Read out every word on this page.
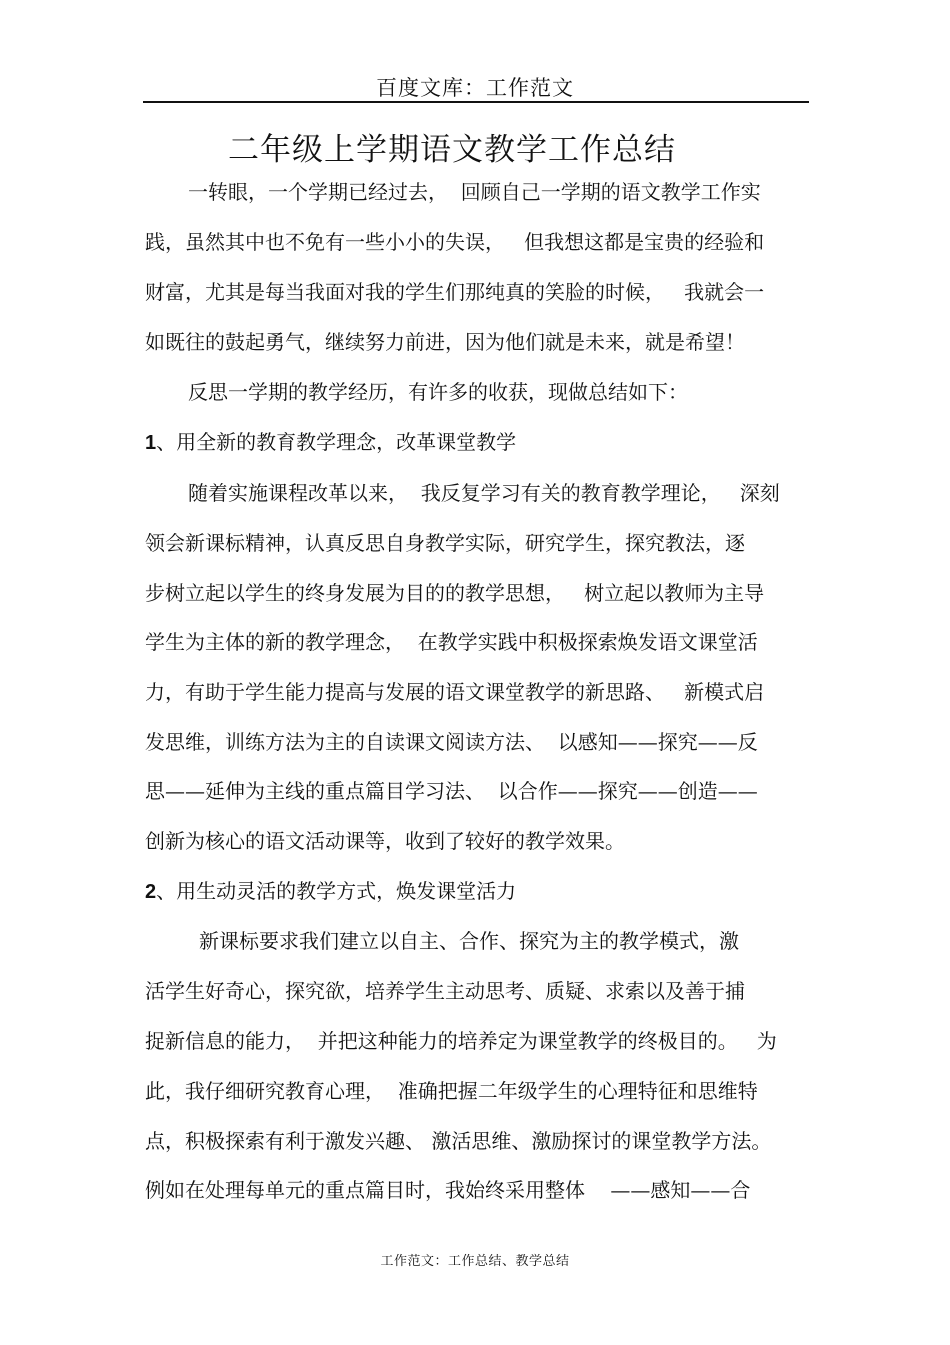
百度文库：工作范文
二年级上学期语文教学工作总结
一转眼，一个学期已经过去，  回顾自己一学期的语文教学工作实
践，虽然其中也不免有一些小小的失误，   但我想这都是宝贵的经验和
财富，尤其是每当我面对我的学生们那纯真的笑脸的时候，   我就会一
如既往的鼓起勇气，继续努力前进，因为他们就是未来，就是希望！
反思一学期的教学经历，有许多的收获，现做总结如下：
1、用全新的教育教学理念，改革课堂教学
随着实施课程改革以来，  我反复学习有关的教育教学理论，   深刻
领会新课标精神，认真反思自身教学实际，研究学生，探究教法，逐
步树立起以学生的终身发展为目的的教学思想，   树立起以教师为主导
学生为主体的新的教学理念，  在教学实践中积极探索焕发语文课堂活
力，有助于学生能力提高与发展的语文课堂教学的新思路、   新模式启
发思维，训练方法为主的自读课文阅读方法、  以感知——探究——反
思——延伸为主线的重点篇目学习法、  以合作——探究——创造——
创新为核心的语文活动课等，收到了较好的教学效果。
2、用生动灵活的教学方式，焕发课堂活力
新课标要求我们建立以自主、合作、探究为主的教学模式，激
活学生好奇心，探究欲，培养学生主动思考、质疑、求索以及善于捕
捉新信息的能力，  并把这种能力的培养定为课堂教学的终极目的。   为
此，我仔细研究教育心理，  准确把握二年级学生的心理特征和思维特
点，积极探索有利于激发兴趣、 激活思维、激励探讨的课堂教学方法。
例如在处理每单元的重点篇目时，我始终采用整体    ——感知——合
工作范文：工作总结、教学总结
